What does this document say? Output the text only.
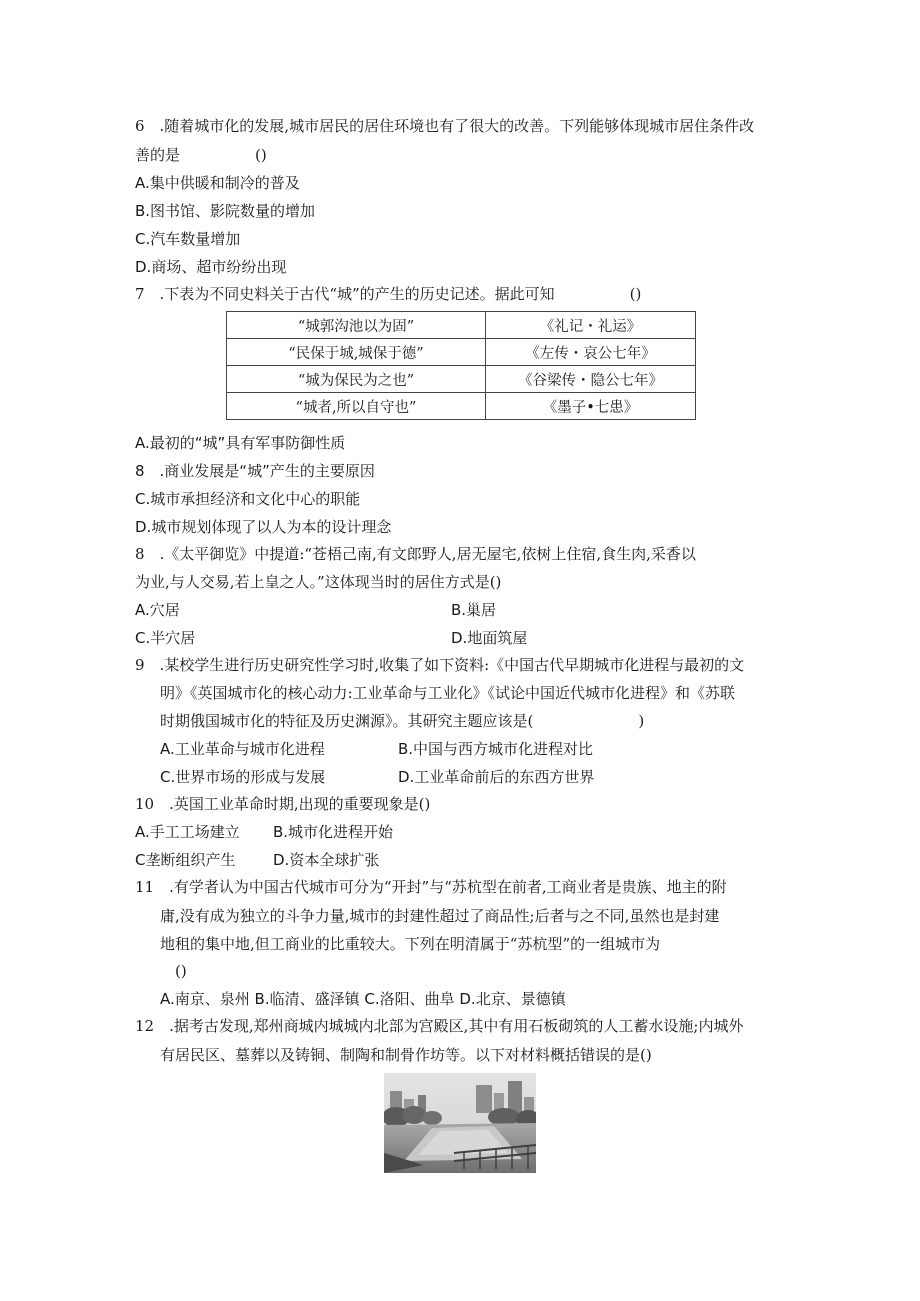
6　.随着城市化的发展,城市居民的居住环境也有了很大的改善。下列能够体现城市居住条件改
善的是　　　　　()
A.集中供暖和制冷的普及
B.图书馆、影院数量的增加
C.汽车数量增加
D.商场、超市纷纷出现
7　.下表为不同史料关于古代“城”的产生的历史记述。据此可知　　　　　()
“城郭沟池以为固”	《礼记・礼运》
“民保于城,城保于德”	《左传・哀公七年》
“城为保民为之也”	《谷梁传・隐公七年》
“城者,所以自守也”	《墨子•七患》
A.最初的“城”具有军事防御性质
8　.商业发展是“城”产生的主要原因
C.城市承担经济和文化中心的职能
D.城市规划体现了以人为本的设计理念
8　.《太平御览》中提道:“苍梧己南,有文郎野人,居无屋宅,依树上住宿,食生肉,采香以
为业,与人交易,若上皇之人。”这体现当时的居住方式是()
A.穴居	B.巢居
C.半穴居	D.地面筑屋
9　.某校学生进行历史研究性学习时,收集了如下资料:《中国古代早期城市化进程与最初的文
明》《英国城市化的核心动力:工业革命与工业化》《试论中国近代城市化进程》和《苏联
时期俄国城市化的特征及历史渊源》。其研究主题应该是(　　　　　　　)
A.工业革命与城市化进程	B.中国与西方城市化进程对比
C.世界市场的形成与发展	D.工业革命前后的东西方世界
10　.英国工业革命时期,出现的重要现象是()
A.手工工场建立 B.城市化进程开始
C垄断组织产生	D.资本全球扩张
11　.有学者认为中国古代城市可分为“开封”与“苏杭型在前者,工商业者是贵族、地主的附
庸,没有成为独立的斗争力量,城市的封建性超过了商品性;后者与之不同,虽然也是封建
地租的集中地,但工商业的比重较大。下列在明清属于“苏杭型”的一组城市为
()
A.南京、泉州 B.临清、盛泽镇 C.洛阳、曲阜 D.北京、景德镇
12　.据考古发现,郑州商城内城城内北部为宫殿区,其中有用石板砌筑的人工蓄水设施;内城外
有居民区、墓葬以及铸铜、制陶和制骨作坊等。以下对材料概括错误的是()
